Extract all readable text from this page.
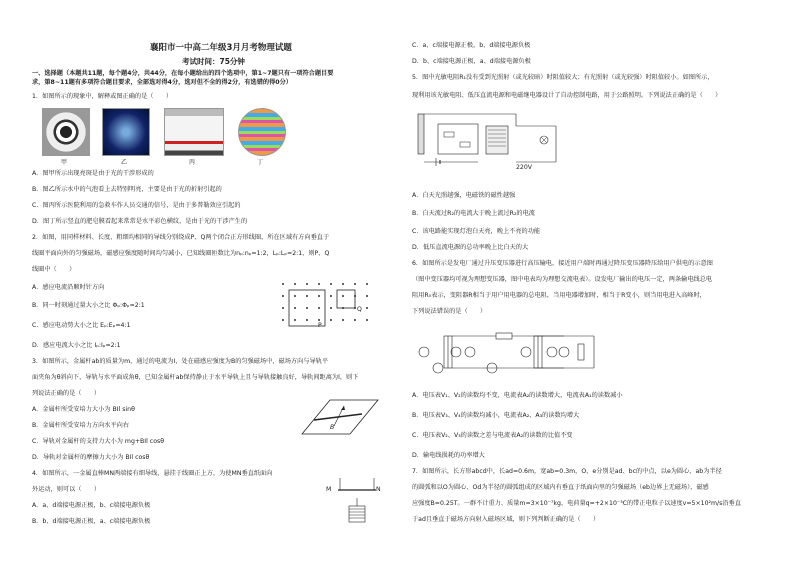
襄阳市一中高二年级3月月考物理试题
考试时间：75分钟
一、选择题（本题共11题，每个题4分，共44分，在每小题给出的四个选项中，第1~7题只有一项符合题目要
求，第8~11题有多项符合题目要求，全部选对得4分，选对但不全的得2分，有选错的得0分）
1．如图所示的现象中，解释或图正确的是（　　）
甲	乙	丙	丁
A．图甲所示出现亮斑是由于光的干涉形成的
B．图乙所示水中的气泡看上去特别明亮，主要是由于光的折射引起的
C．图丙所示医院利用的急救车作人员交通的信号，是由于多普勒效应引起的
D．图丁所示竖直的肥皂膜看起来常常是水平彩色横纹，是由于光的干涉产生的
2．如图，用同样材料、长度、粗细均相同的导线分别绕成P、Q两个闭合正方形线圈，所在区域有方向垂直于
线圈平面向外的匀强磁场，磁感应强度随时间均匀减小，已知线圈匝数比为nₚ:nₚ=1:2，Lₚ:Lₚ=2:1，则P、Q
线圈中（　　）
A．感应电流沿顺时针方向
B．同一时刻通过量大小之比 Φₚ:Φₚ=2:1
C．感应电动势大小之比 Eₚ:Eₚ=4:1
D．感应电流大小之比 Iₚ:Iₚ=2:1
P
Q
3．如图所示，金属杆ab的质量为m，通过的电流为I，处在磁感应强度为B的匀强磁场中，磁场方向与导轨平
面夹角为θ斜向下，导轨与水平面成角θ，已知金属杆ab保持静止于水平导轨上且与导轨接触良好，导轨间距离为l，则下
列说法正确的是（　　）
A．金属杆所受安培力大小为 BIl sinθ
B．金属杆所受安培力方向水平向右
C．导轨对金属杆的支持力大小为 mg+BIl cosθ
D．导轨对金属杆的摩擦力大小为 BIl cosθ
B
4．如图所示，一金属直棒MN两端接有细导线，悬挂于线圈正上方，为使MN垂直纸面向
外运动，则可以（　　）
A．a、d端接电源正极，b、c端接电源负极
B．b、d端接电源正极，a、c端接电源负极
M	N
C．a、c端接电源正极，b、d端接电源负极
D．b、c端接电源正极，a、d端接电源负极
5．图中光敏电阻R₁没有受到光照射（或光较暗）时阻值较大；有光照射（或光较强）时阻值较小。如图所示，
现利用该光敏电阻、低压直流电源和电磁继电器设计了自动控制电路，用于公路照明。下列说法正确的是（　　）
220V
A．白天光照越强，电磁铁的磁性越强
B．白天流过R₂的电流大于晚上流过R₂的电流
C．该电路能实现灯泡白天亮，晚上不亮的功能
D．低压直流电源的总功率晚上比白天的大
6．如图所示是发电厂通过升压变压器进行高压输电，接近用户端时再通过降压变压器降压给用户供电的示意图
（图中变压器均可视为理想变压器，图中电表均为理想交流电表）。设发电厂输出的电压一定，两条输电线总电
阻用R₀表示，变阻器R相当于用户用电器的总电阻，当用电器增加时，相当于R变小，则当用电进入高峰时，
下列说法错误的是（　　）
A．电压表V₁、V₂的读数均不变，电流表A₂的读数增大，电流表A₁的读数减小
B．电压表V₃、V₄的读数均减小，电流表A₂、A₃的读数均增大
C．电压表V₂、V₃的读数之差与电流表A₂的读数的比值不变
D．输电线损耗的功率增大
7．如图所示，长方形abcd中，长ad=0.6m，宽ab=0.3m，O、e分别是ad、bc的中点，以e为圆心、ab为半径
的圆弧和以O为圆心、Od为半径的圆弧组成的区域内有垂直于纸面向里的匀强磁场（eb边界上无磁场），磁感
应强度B=0.25T。一群不计重力、质量m=3×10⁻⁷kg、电荷量q=+2×10⁻³C的带正电粒子以速度v=5×10²m/s沿垂直
于ad且垂直于磁场方向射入磁场区域，则下列判断正确的是（　　）
